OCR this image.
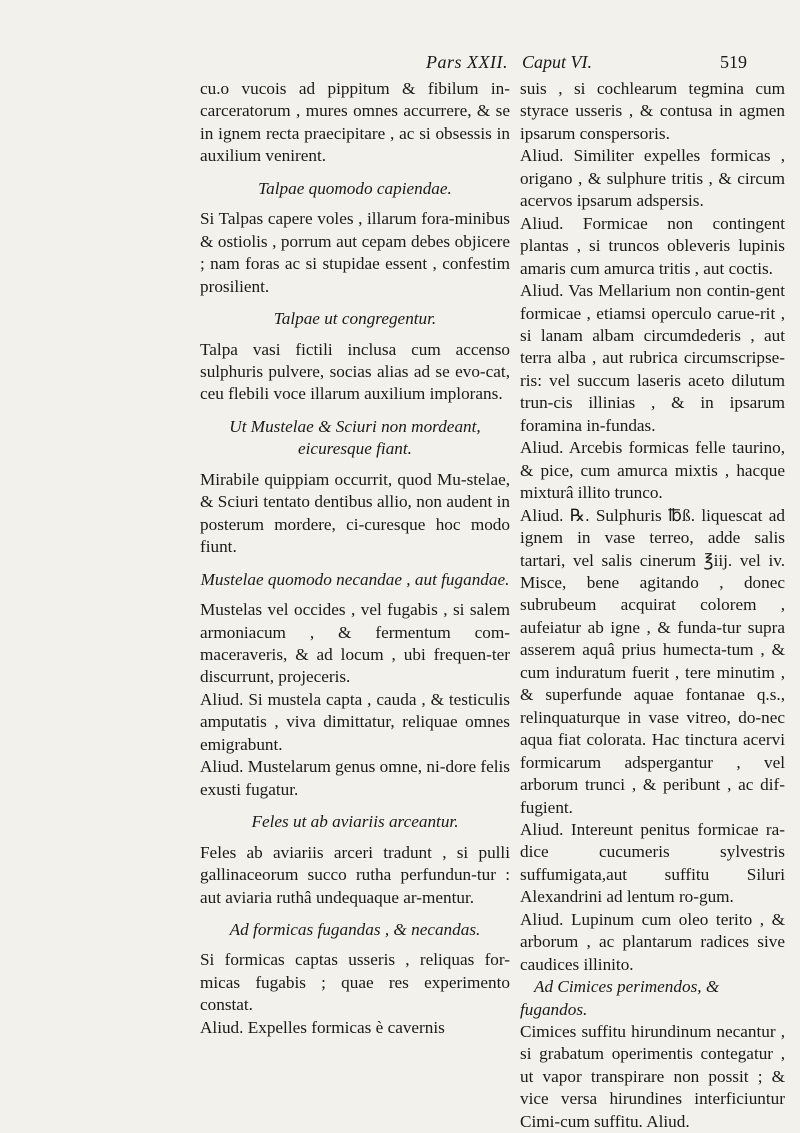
Pars XXII. Caput VI.	519

cu.o vucois ad pippitum & fibilum in-carceratorum , mures omnes accurrere, & se in ignem recta praecipitare , ac si obsessis in auxilium venirent.

Talpae quomodo capiendae.

Si Talpas capere voles , illarum fora-minibus & ostiolis , porrum aut cepam debes objicere ; nam foras ac si stupidae essent , confestim prosilient.

Talpae ut congregentur.

Talpa vasi fictili inclusa cum accenso sulphuris pulvere, socias alias ad se evo-cat, ceu flebili voce illarum auxilium implorans.

Ut Mustelae & Sciuri non mordeant, eicuresque fiant.

Mirabile quippiam occurrit, quod Mu-stelae, & Sciuri tentato dentibus allio, non audent in posterum mordere, ci-curesque hoc modo fiunt.

Mustelae quomodo necandae , aut fugandae.

Mustelas vel occides , vel fugabis , si salem armoniacum , & fermentum com-maceraveris, & ad locum , ubi frequen-ter discurrunt, projeceris.

Aliud. Si mustela capta , cauda , & testiculis amputatis , viva dimittatur, reliquae omnes emigrabunt.

Aliud. Mustelarum genus omne, ni-dore felis exusti fugatur.

Feles ut ab aviariis arceantur.

Feles ab aviariis arceri tradunt , si pulli gallinaceorum succo rutha perfundun-tur : aut aviaria ruthâ undequaque ar-mentur.

Ad formicas fugandas , & necandas.

Si formicas captas usseris , reliquas for-micas fugabis ; quae res experimento constat.

Aliud. Expelles formicas è cavernis

suis , si cochlearum tegmina cum styrace usseris , & contusa in agmen ipsarum conspersoris.

Aliud. Similiter expelles formicas , origano , & sulphure tritis , & circum acervos ipsarum adspersis.

Aliud. Formicae non contingent plantas , si truncos obleveris lupinis amaris cum amurca tritis , aut coctis.

Aliud. Vas Mellarium non contin-gent formicae , etiamsi operculo carue-rit , si lanam albam circumdederis , aut terra alba , aut rubrica circumscripse-ris: vel succum laseris aceto dilutum trun-cis illinias , & in ipsarum foramina in-fundas.

Aliud. Arcebis formicas felle taurino, & pice, cum amurca mixtis , hacque mixturâ illito trunco.

Aliud. ℞. Sulphuris ℔ß. liquescat ad ignem in vase terreo, adde salis tartari, vel salis cinerum ℥iij. vel iv. Misce, bene agitando , donec subrubeum acquirat colorem , aufeiatur ab igne , & funda-tur supra asserem aquâ prius humecta-tum , & cum induratum fuerit , tere minutim , & superfunde aquae fontanae q.s., relinquaturque in vase vitreo, do-nec aqua fiat colorata. Hac tinctura acervi formicarum adspergantur , vel arborum trunci , & peribunt , ac dif-fugient.

Aliud. Intereunt penitus formicae ra-dice cucumeris sylvestris suffumigata,aut suffitu Siluri Alexandrini ad lentum ro-gum.

Aliud. Lupinum cum oleo terito , & arborum , ac plantarum radices sive caudices illinito.

Ad Cimices perimendos, & fugandos.

Cimices suffitu hirundinum necantur , si grabatum operimentis contegatur , ut vapor transpirare non possit ; & vice versa hirundines interficiuntur Cimi-cum suffitu. Aliud.
